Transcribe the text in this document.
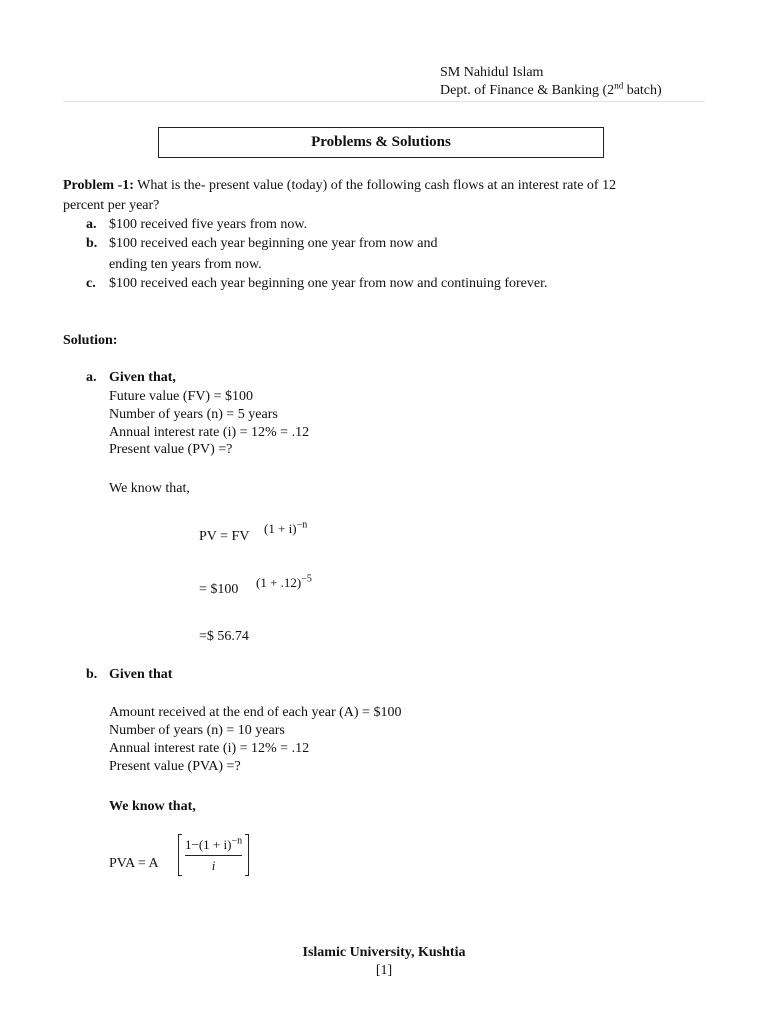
SM Nahidul Islam
Dept. of Finance & Banking (2nd batch)
Problems & Solutions
Problem -1: What is the- present value (today) of the following cash flows at an interest rate of 12
percent per year?
a. $100 received five years from now.
b. $100 received each year beginning one year from now and
ending ten years from now.
c. $100 received each year beginning one year from now and continuing forever.
Solution:
a. Given that,
Future value (FV) = $100
Number of years (n) = 5 years
Annual interest rate (i) = 12% = .12
Present value (PV) =?
We know that,
PV = FV
$(1 + i)^{-n}$
= $100 $(1 + .12)^{-5}$
=$ 56.74
b. Given that
Amount received at the end of each year (A) = $100
Number of years (n) = 10 years
Annual interest rate (i) = 12% = .12
Present value (PVA) =?
We know that,
PVA = A $\frac{1-(1 + i)^{-n}}{i}$
Islamic University, Kushtia
[1]
